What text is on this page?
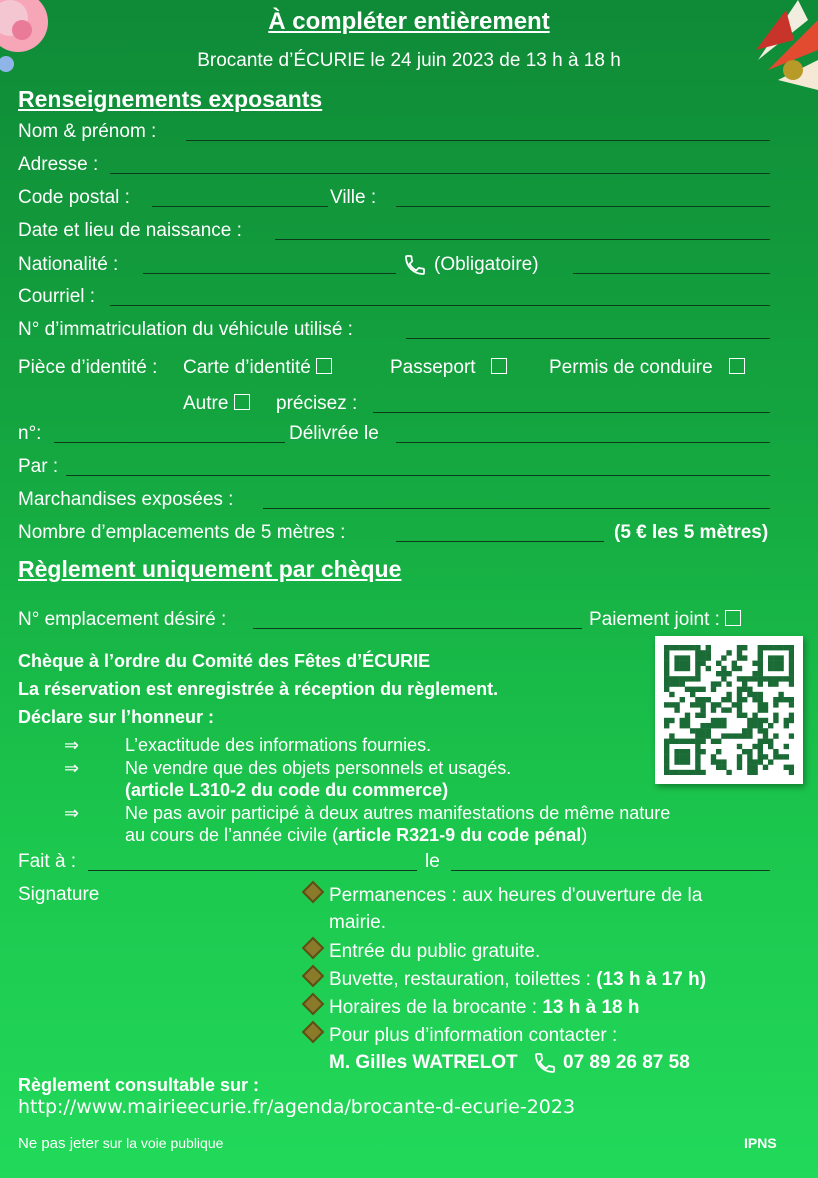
À compléter entièrement
Brocante d’ÉCURIE le 24 juin 2023 de 13 h à 18 h
Renseignements exposants
Nom & prénom :
Adresse :
Code postal :	Ville :
Date et lieu de naissance :
Nationalité :	(Obligatoire)
Courriel :
N° d’immatriculation du véhicule utilisé :
Pièce d’identité : Carte d’identité	Passeport	Permis de conduire
Autre	précisez :
n°:	Délivrée le
Par :
Marchandises exposées :
Nombre d’emplacements de 5 mètres :	(5 € les 5 mètres)
Règlement uniquement par chèque
N° emplacement désiré :	Paiement joint :
Chèque à l’ordre du Comité des Fêtes d’ÉCURIE
La réservation est enregistrée à réception du règlement.
Déclare sur l’honneur :
⇒	L’exactitude des informations fournies.
⇒	Ne vendre que des objets personnels et usagés.
(article L310-2 du code du commerce)
⇒	Ne pas avoir participé à deux autres manifestations de même nature
au cours de l’année civile (article R321-9 du code pénal)
Fait à :	le
Signature	Permanences : aux heures d'ouverture de la
mairie.
Entrée du public gratuite.
Buvette, restauration, toilettes : (13 h à 17 h)
Horaires de la brocante : 13 h à 18 h
Pour plus d’information contacter :
M. Gilles WATRELOT 07 89 26 87 58
Règlement consultable sur :
http://www.mairieecurie.fr/agenda/brocante-d-ecurie-2023
Ne pas jeter sur la voie publique	IPNS
